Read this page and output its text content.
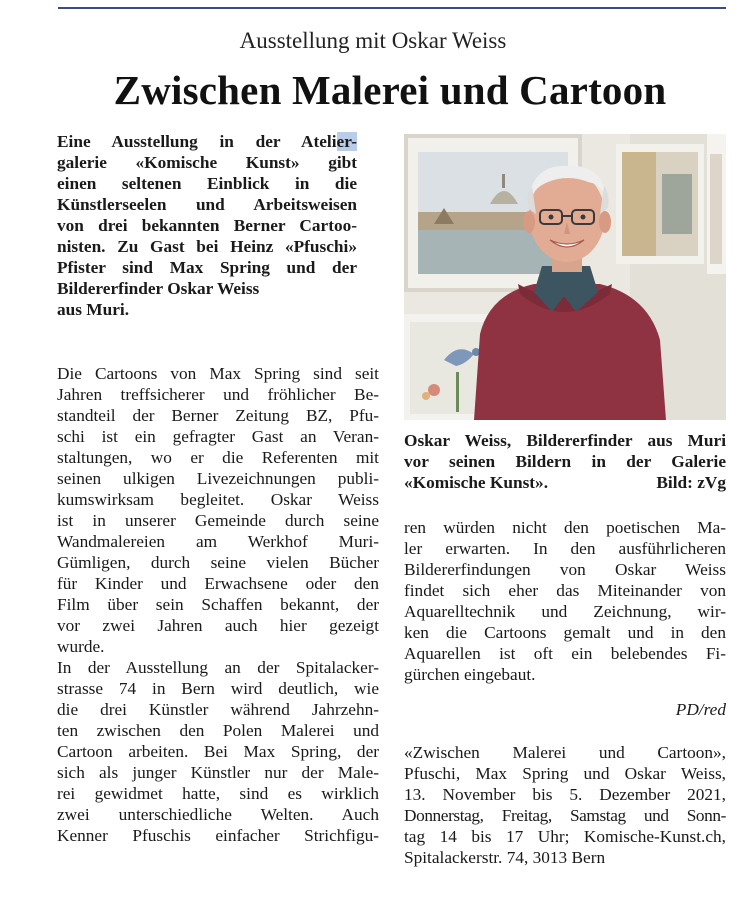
Ausstellung mit Oskar Weiss
Zwischen Malerei und Cartoon
Eine Ausstellung in der Atelier-
galerie «Komische Kunst» gibt
einen seltenen Einblick in die
Künstlerseelen und Arbeitsweisen
von drei bekannten Berner Cartoo-
nisten. Zu Gast bei Heinz «Pfuschi»
Pfister sind Max Spring und der
Bildererfinder Oskar Weiss
aus Muri.
Die Cartoons von Max Spring sind seit
Jahren treffsicherer und fröhlicher Be-
standteil der Berner Zeitung BZ, Pfu-
schi ist ein gefragter Gast an Veran-
staltungen, wo er die Referenten mit
seinen ulkigen Livezeichnungen publi-
kumswirksam begleitet. Oskar Weiss
ist in unserer Gemeinde durch seine
Wandmalereien am Werkhof Muri-
Gümligen, durch seine vielen Bücher
für Kinder und Erwachsene oder den
Film über sein Schaffen bekannt, der
vor zwei Jahren auch hier gezeigt
wurde.
In der Ausstellung an der Spitalacker-
strasse 74 in Bern wird deutlich, wie
die drei Künstler während Jahrzehn-
ten zwischen den Polen Malerei und
Cartoon arbeiten. Bei Max Spring, der
sich als junger Künstler nur der Male-
rei gewidmet hatte, sind es wirklich
zwei unterschiedliche Welten. Auch
Kenner Pfuschis einfacher Strichfigu-
Oskar Weiss, Bildererfinder aus Muri
vor seinen Bildern in der Galerie
«Komische Kunst».	Bild: zVg
ren würden nicht den poetischen Ma-
ler erwarten. In den ausführlicheren
Bildererfindungen von Oskar Weiss
findet sich eher das Miteinander von
Aquarelltechnik und Zeichnung, wir-
ken die Cartoons gemalt und in den
Aquarellen ist oft ein belebendes Fi-
gürchen eingebaut.
PD/red
«Zwischen Malerei und Cartoon»,
Pfuschi, Max Spring und Oskar Weiss,
13. November bis 5. Dezember 2021,
Donnerstag, Freitag, Samstag und Sonn-
tag 14 bis 17 Uhr; Komische-Kunst.ch,
Spitalackerstr. 74, 3013 Bern
